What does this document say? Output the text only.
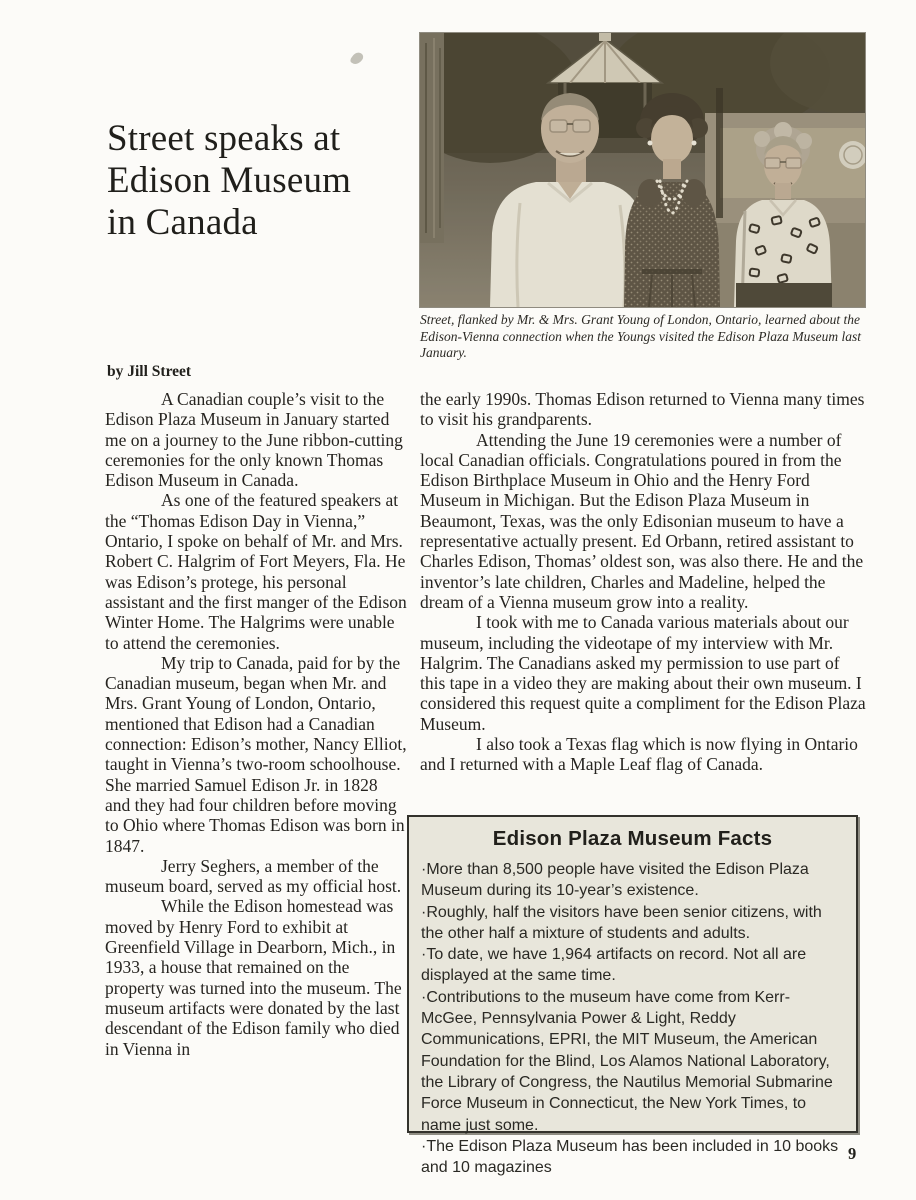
Street speaks at
Edison Museum
in Canada

Street, flanked by Mr. & Mrs. Grant Young of London, Ontario, learned about the Edison-Vienna connection when the Youngs visited the Edison Plaza Museum last January.

by Jill Street

A Canadian couple’s visit to the Edison Plaza Museum in January started me on a journey to the June ribbon-cutting ceremonies for the only known Thomas Edison Museum in Canada.

As one of the featured speakers at the “Thomas Edison Day in Vienna,” Ontario, I spoke on behalf of Mr. and Mrs. Robert C. Halgrim of Fort Meyers, Fla. He was Edison’s protege, his personal assistant and the first manger of the Edison Winter Home. The Halgrims were unable to attend the ceremonies.

My trip to Canada, paid for by the Canadian museum, began when Mr. and Mrs. Grant Young of London, Ontario, mentioned that Edison had a Canadian connection: Edison’s mother, Nancy Elliot, taught in Vienna’s two-room schoolhouse. She married Samuel Edison Jr. in 1828 and they had four children before moving to Ohio where Thomas Edison was born in 1847.

Jerry Seghers, a member of the museum board, served as my official host.

While the Edison homestead was moved by Henry Ford to exhibit at Greenfield Village in Dearborn, Mich., in 1933, a house that remained on the property was turned into the museum. The museum artifacts were donated by the last descendant of the Edison family who died in Vienna in

the early 1990s. Thomas Edison returned to Vienna many times to visit his grandparents.

Attending the June 19 ceremonies were a number of local Canadian officials. Congratulations poured in from the Edison Birthplace Museum in Ohio and the Henry Ford Museum in Michigan. But the Edison Plaza Museum in Beaumont, Texas, was the only Edisonian museum to have a representative actually present. Ed Orbann, retired assistant to Charles Edison, Thomas’ oldest son, was also there. He and the inventor’s late children, Charles and Madeline, helped the dream of a Vienna museum grow into a reality.

I took with me to Canada various materials about our museum, including the videotape of my interview with Mr. Halgrim. The Canadians asked my permission to use part of this tape in a video they are making about their own museum. I considered this request quite a compliment for the Edison Plaza Museum.

I also took a Texas flag which is now flying in Ontario and I returned with a Maple Leaf flag of Canada.

Edison Plaza Museum Facts
·More than 8,500 people have visited the Edison Plaza Museum during its 10-year’s existence.
·Roughly, half the visitors have been senior citizens, with the other half a mixture of students and adults.
·To date, we have 1,964 artifacts on record. Not all are displayed at the same time.
·Contributions to the museum have come from Kerr-McGee, Pennsylvania Power & Light, Reddy Communications, EPRI, the MIT Museum, the American Foundation for the Blind, Los Alamos National Laboratory, the Library of Congress, the Nautilus Memorial Submarine Force Museum in Connecticut, the New York Times, to name just some.
·The Edison Plaza Museum has been included in 10 books and 10 magazines
9
